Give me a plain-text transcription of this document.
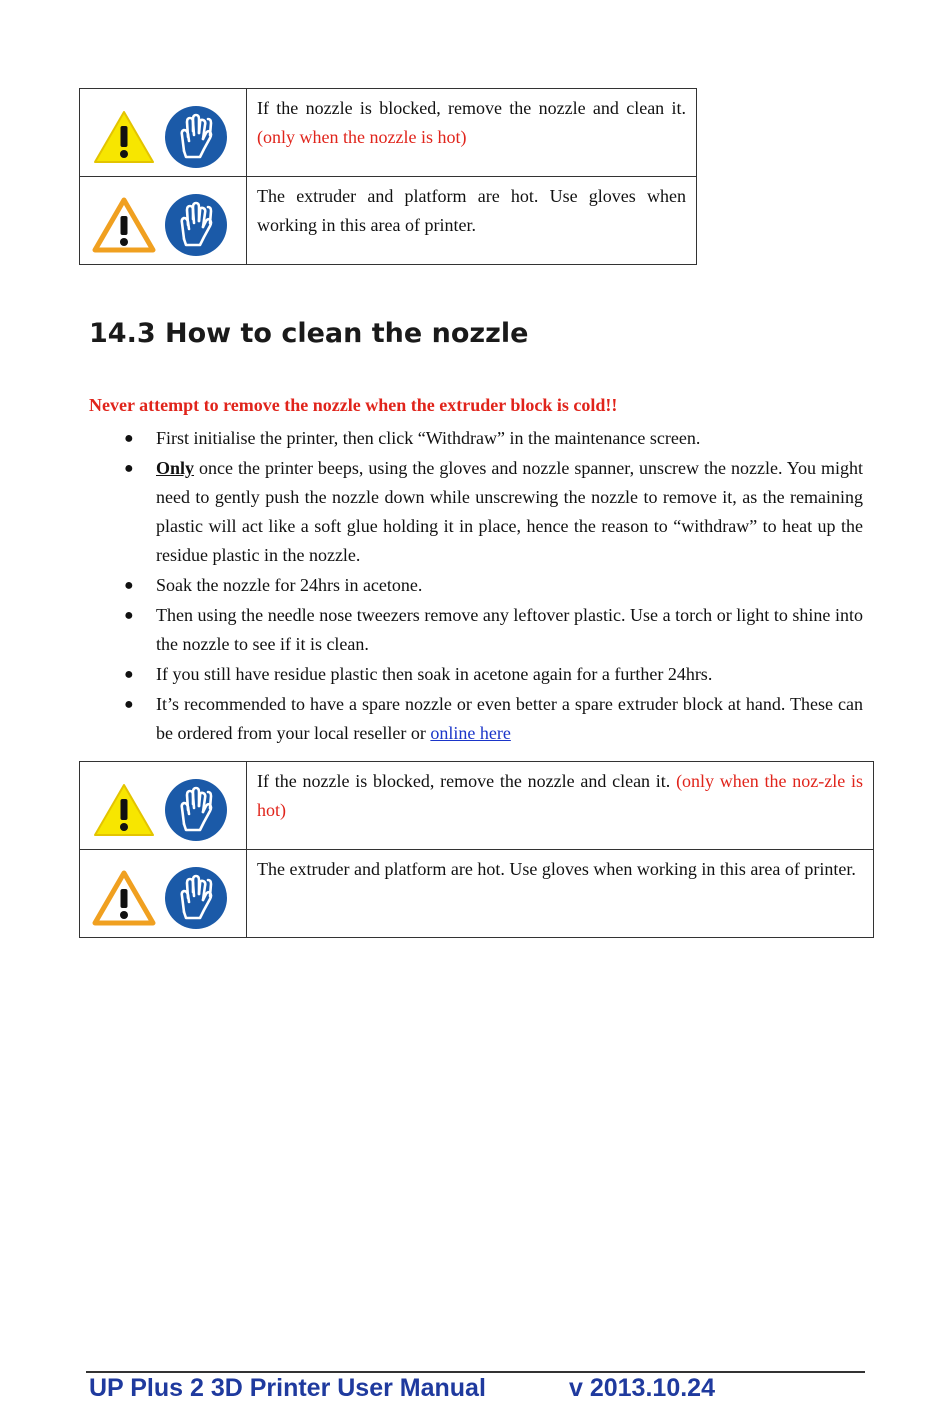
	If the nozzle is blocked, remove the nozzle and clean it. (only when the nozzle is hot)

	The extruder and platform are hot. Use gloves when working in this area of printer.
14.3 How to clean the nozzle

Never attempt to remove the nozzle when the extruder block is cold!!

● First initialise the printer, then click “Withdraw” in the maintenance screen.
● Only once the printer beeps, using the gloves and nozzle spanner, unscrew the nozzle. You might need to gently push the nozzle down while unscrewing the nozzle to remove it, as the remaining plastic will act like a soft glue holding it in place, hence the reason to “withdraw” to heat up the residue plastic in the nozzle.
● Soak the nozzle for 24hrs in acetone.
● Then using the needle nose tweezers remove any leftover plastic. Use a torch or light to shine into the nozzle to see if it is clean.
● If you still have residue plastic then soak in acetone again for a further 24hrs.
● It’s recommended to have a spare nozzle or even better a spare extruder block at hand. These can be ordered from your local reseller or online here
	If the nozzle is blocked, remove the nozzle and clean it. (only when the noz-zle is hot)

	The extruder and platform are hot. Use gloves when working in this area of printer.
UP Plus 2 3D Printer User Manual	v 2013.10.24
